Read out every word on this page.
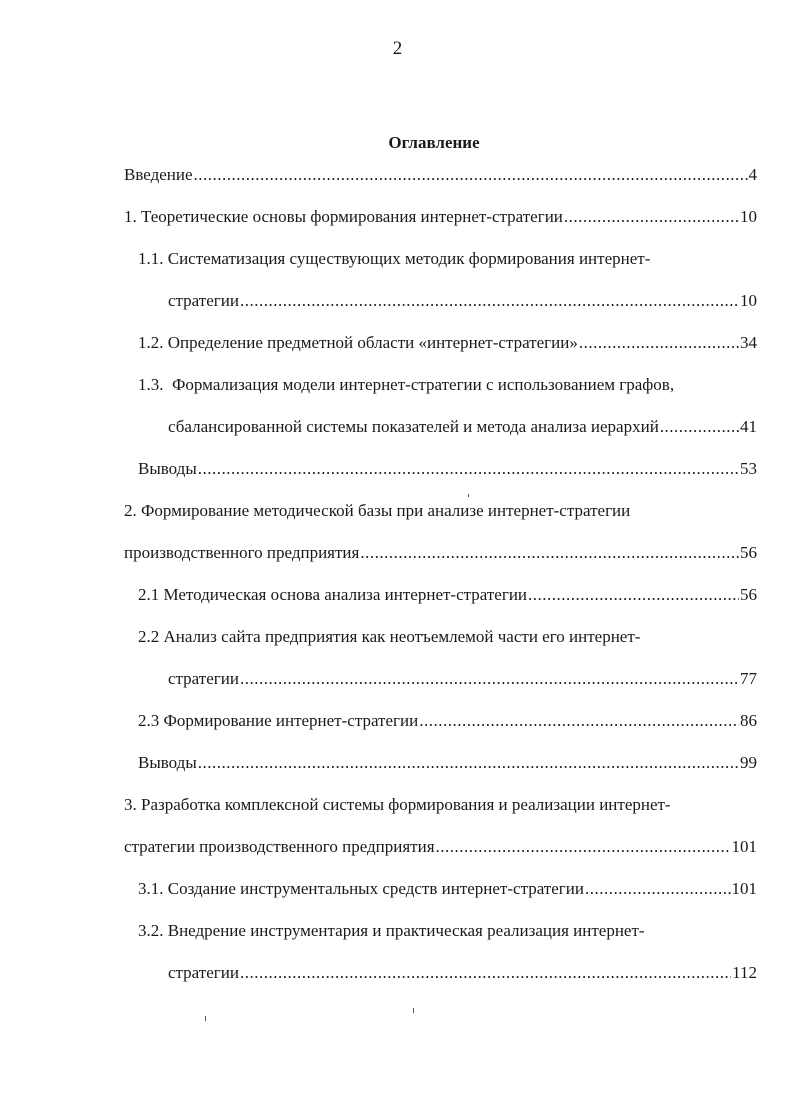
2
Оглавление
Введение .....	4
1. Теоретические основы формирования интернет-стратегии .....	10
1.1. Систематизация существующих методик формирования интернет-
стратегии .....	10
1.2. Определение предметной области «интернет-стратегии» .....	34
1.3.  Формализация модели интернет-стратегии с использованием графов,
сбалансированной системы показателей и метода анализа иерархий .....	41
Выводы .....	53
2. Формирование методической базы при анализе интернет-стратегии
производственного предприятия .....	56
2.1 Методическая основа анализа интернет-стратегии .....	56
2.2 Анализ сайта предприятия как неотъемлемой части его интернет-
стратегии .....	77
2.3 Формирование интернет-стратегии .....	86
Выводы .....	99
3. Разработка комплексной системы формирования и реализации интернет-
стратегии производственного предприятия .....	101
3.1. Создание инструментальных средств интернет-стратегии .....	101
3.2. Внедрение инструментария и практическая реализация интернет-
стратегии .....	112
